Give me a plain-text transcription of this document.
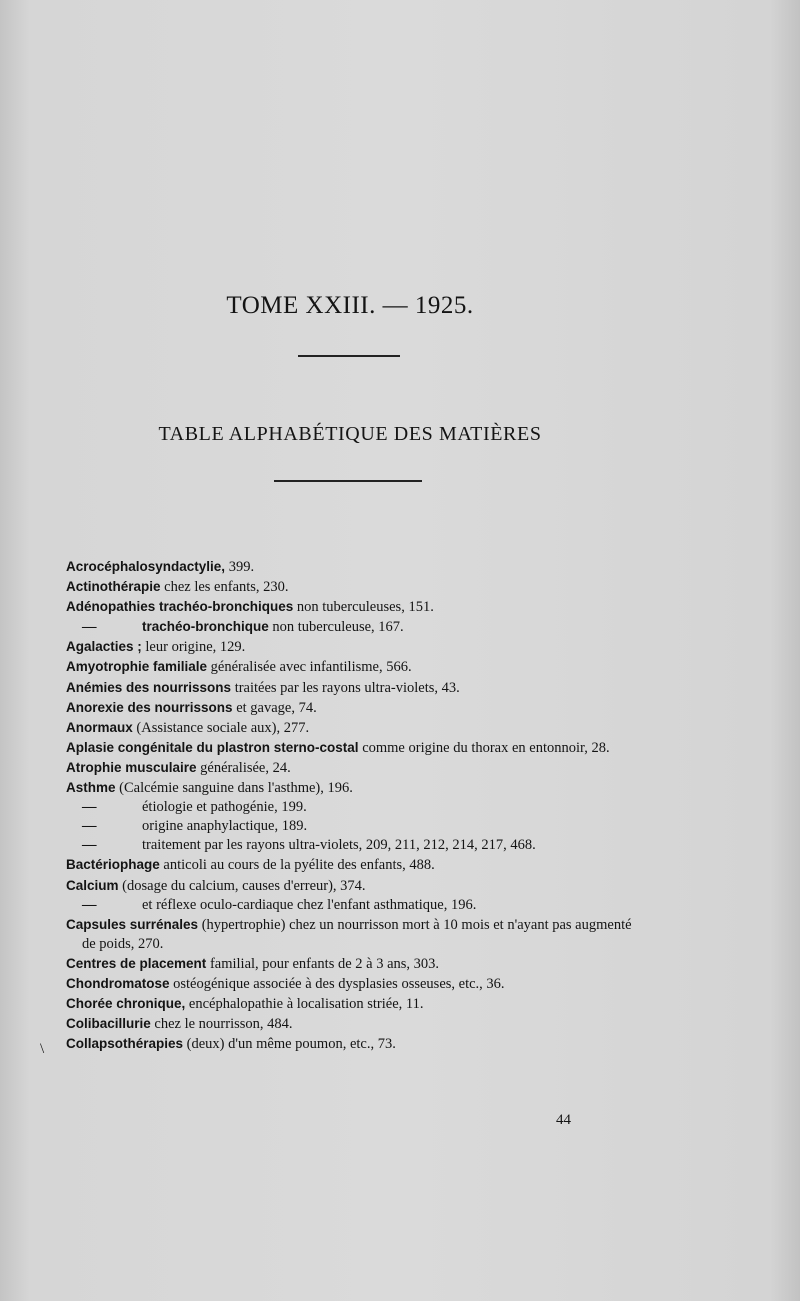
TOME XXIII. — 1925.
TABLE ALPHABÉTIQUE DES MATIÈRES
Acrocéphalosyndactylie, 399.
Actinothérapie chez les enfants, 230.
Adénopathies trachéo-bronchiques non tuberculeuses, 151.
—	trachéo-bronchique non tuberculeuse, 167.
Agalacties ; leur origine, 129.
Amyotrophie familiale généralisée avec infantilisme, 566.
Anémies des nourrissons traitées par les rayons ultra-violets, 43.
Anorexie des nourrissons et gavage, 74.
Anormaux (Assistance sociale aux), 277.
Aplasie congénitale du plastron sterno-costal comme origine du thorax en entonnoir, 28.
Atrophie musculaire généralisée, 24.
Asthme (Calcémie sanguine dans l'asthme), 196.
—	étiologie et pathogénie, 199.
—	origine anaphylactique, 189.
—	traitement par les rayons ultra-violets, 209, 211, 212, 214, 217, 468.
Bactériophage anticoli au cours de la pyélite des enfants, 488.
Calcium (dosage du calcium, causes d'erreur), 374.
—	et réflexe oculo-cardiaque chez l'enfant asthmatique, 196.
Capsules surrénales (hypertrophie) chez un nourrisson mort à 10 mois et n'ayant pas augmenté de poids, 270.
Centres de placement familial, pour enfants de 2 à 3 ans, 303.
Chondromatose ostéogénique associée à des dysplasies osseuses, etc., 36.
Chorée chronique, encéphalopathie à localisation striée, 11.
Colibacillurie chez le nourrisson, 484.
Collapsothérapies (deux) d'un même poumon, etc., 73.
\
44
